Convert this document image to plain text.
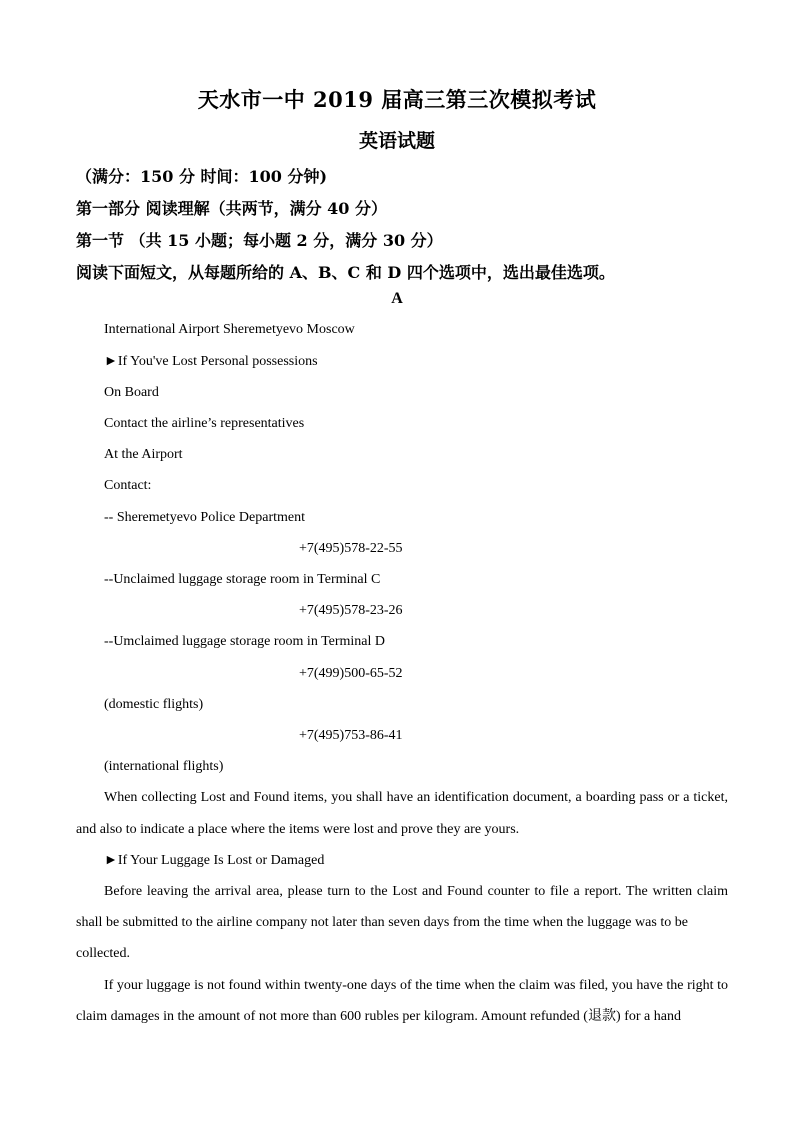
天水市一中 2019 届高三第三次模拟考试
英语试题
（满分：150 分 时间：100 分钟)
第一部分 阅读理解（共两节，满分 40 分）
第一节 （共 15 小题；每小题 2 分，满分 30 分）
阅读下面短文，从每题所给的 A、B、C 和 D 四个选项中，选出最佳选项。
A
International Airport Sheremetyevo Moscow
►If You've Lost Personal possessions
On Board
Contact the airline’s representatives
At the Airport
Contact:
-- Sheremetyevo Police Department
+7(495)578-22-55
--Unclaimed luggage storage room in Terminal C
+7(495)578-23-26
--Umclaimed luggage storage room in Terminal D
+7(499)500-65-52
(domestic flights)
+7(495)753-86-41
(international flights)
When collecting Lost and Found items, you shall have an identification document, a boarding pass or a ticket,
and also to indicate a place where the items were lost and prove they are yours.
►If Your Luggage Is Lost or Damaged
Before leaving the arrival area, please turn to the Lost and Found counter to file a report. The written claim
shall be submitted to the airline company not later than seven days from the time when the luggage was to be
collected.
If your luggage is not found within twenty-one days of the time when the claim was filed, you have the right to
claim damages in the amount of not more than 600 rubles per kilogram. Amount refunded (退款) for a hand
